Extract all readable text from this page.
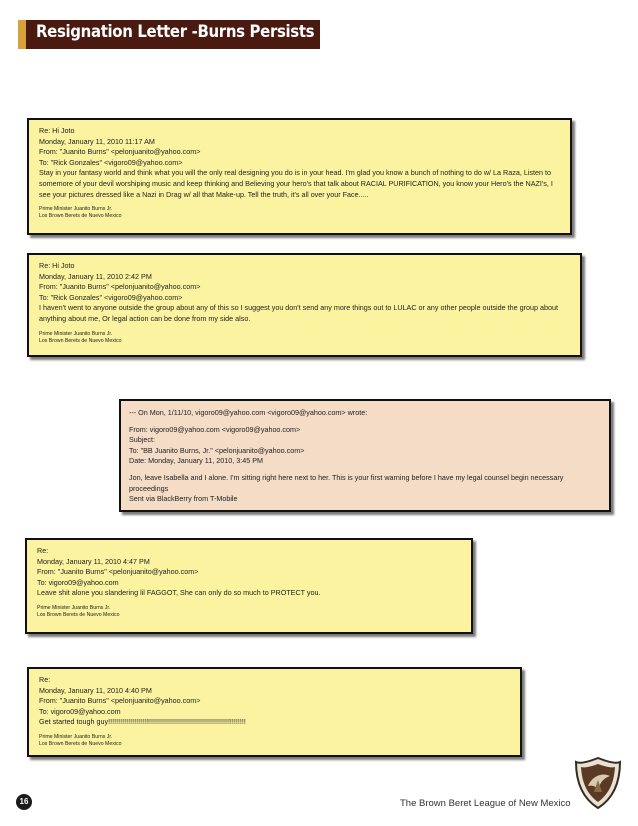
Resignation Letter -Burns Persists
Re: Hi Joto
Monday, January 11, 2010 11:17 AM
From: "Juanito Burns" <pelonjuanito@yahoo.com>
To: "Rick Gonzales" <vigoro09@yahoo.com>
Stay in your fantasy world and think what you will the only real designing you do is in your head. I'm glad you know a bunch of nothing to do w/ La Raza, Listen to somemore of your devil worshiping music and keep thinking and Believing your hero's that talk about RACIAL PURIFICATION, you know your Hero's the NAZI's, I see your pictures dressed like a Nazi in Drag w/ all that Make-up. Tell the truth, it's all over your Face.....
Prime Minister Juanito Burns Jr.
Los Brown Berets de Nuevo Mexico
Re: Hi Joto
Monday, January 11, 2010 2:42 PM
From: "Juanito Burns" <pelonjuanito@yahoo.com>
To: "Rick Gonzales" <vigoro09@yahoo.com>
I haven't went to anyone outside the group about any of this so I suggest you don't send any more things out to LULAC or any other people outside the group about anything about me, Or legal action can be done from my side also.
Prime Minister Juanito Burns Jr.
Los Brown Berets de Nuevo Mexico
--- On Mon, 1/11/10, vigoro09@yahoo.com <vigoro09@yahoo.com> wrote:
From: vigoro09@yahoo.com <vigoro09@yahoo.com>
Subject:
To: "BB Juanito Burns, Jr." <pelonjuanito@yahoo.com>
Date: Monday, January 11, 2010, 3:45 PM
Jon, leave Isabella and I alone. I'm sitting right here next to her. This is your first warning before I have my legal counsel begin necessary proceedings
Sent via BlackBerry from T-Mobile
Re:
Monday, January 11, 2010 4:47 PM
From: "Juanito Burns" <pelonjuanito@yahoo.com>
To: vigoro09@yahoo.com
Leave shit alone you slandering lil FAGGOT, She can only do so much to PROTECT you.
Prime Minister Juanito Burns Jr.
Los Brown Berets de Nuevo Mexico
Re:
Monday, January 11, 2010 4:40 PM
From: "Juanito Burns" <pelonjuanito@yahoo.com>
To: vigoro09@yahoo.com
Get started tough guy!!!!!!!!!!!!!!!!!!!!!!!!!!!!!!!!!!!!!!!!!!!!!!!!!!!!!!!!!!!!!!!!!!!!!
Prime Minister Juanito Burns Jr.
Los Brown Berets de Nuevo Mexico
16	The Brown Beret League of New Mexico
